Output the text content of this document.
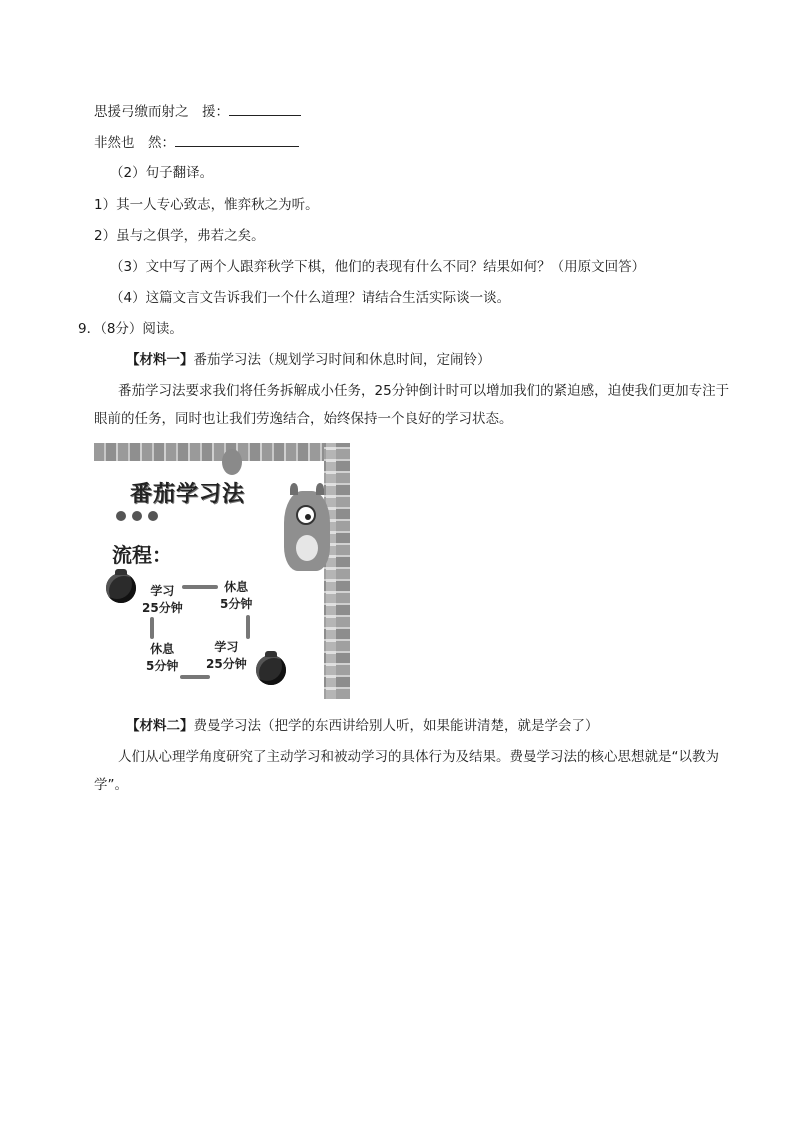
思援弓缴而射之　援：
非然也　然：
（2）句子翻译。
1）其一人专心致志，惟弈秋之为听。
2）虽与之俱学，弗若之矣。
（3）文中写了两个人跟弈秋学下棋，他们的表现有什么不同？结果如何？（用原文回答）
（4）这篇文言文告诉我们一个什么道理？请结合生活实际谈一谈。
9．（8分）阅读。
【材料一】番茄学习法（规划学习时间和休息时间，定闹铃）
番茄学习法要求我们将任务拆解成小任务，25分钟倒计时可以增加我们的紧迫感，迫使我们更加专注于眼前的任务，同时也让我们劳逸结合，始终保持一个良好的学习状态。
番茄学习法
流程：
学习
25分钟
休息
5分钟
学习
25分钟
休息
5分钟
【材料二】费曼学习法（把学的东西讲给别人听，如果能讲清楚，就是学会了）
人们从心理学角度研究了主动学习和被动学习的具体行为及结果。费曼学习法的核心思想就是“以教为学”。
